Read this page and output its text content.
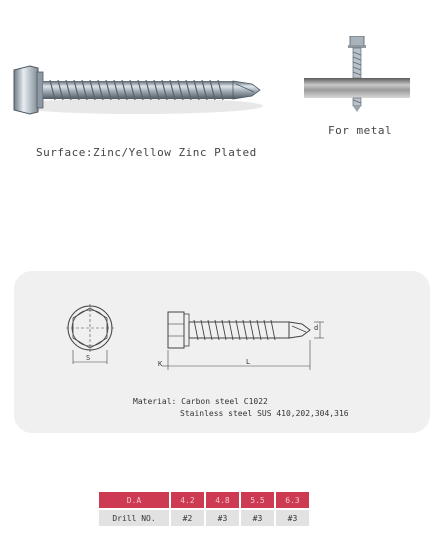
For metal
Surface:Zinc/Yellow Zinc Plated
S
K	L
d
Material: Carbon steel C1022
Stainless steel SUS 410,202,304,316
D.A	4.2	4.8	5.5	6.3
Drill NO.	#2	#3	#3	#3
